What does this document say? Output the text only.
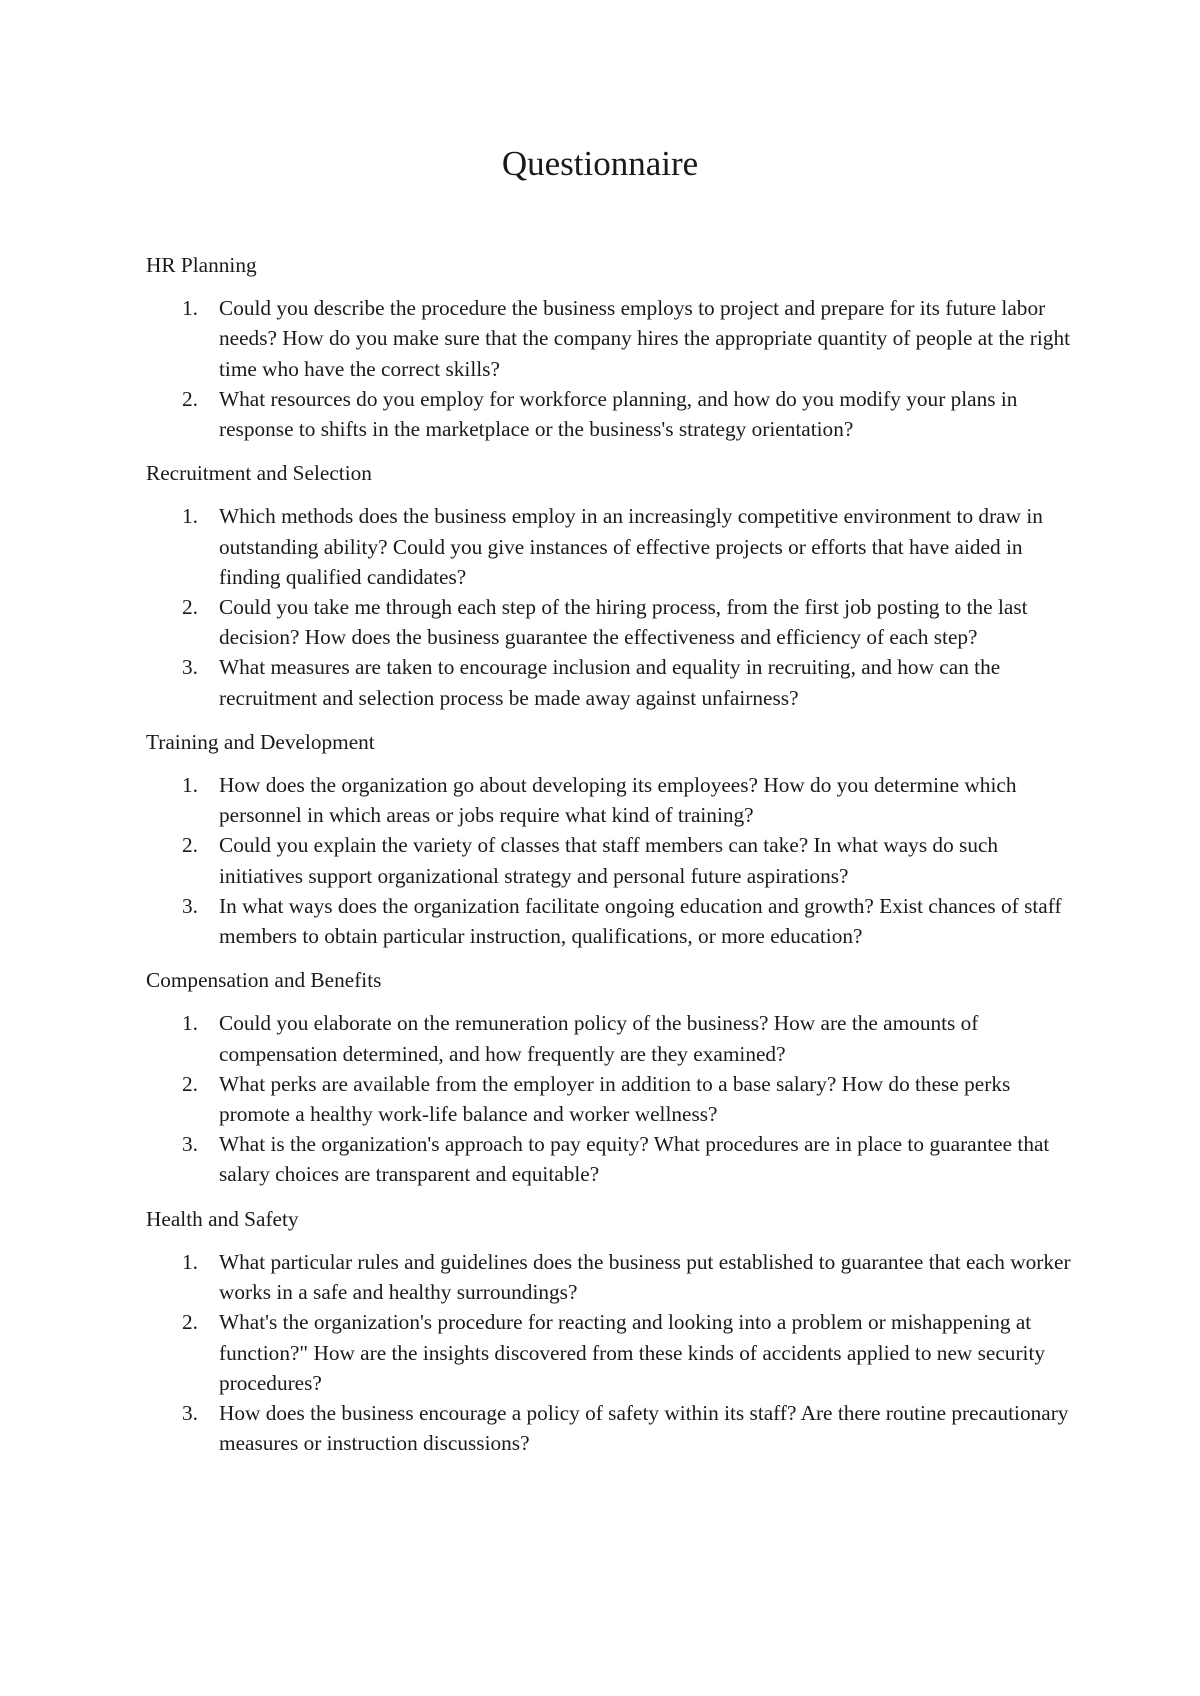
Questionnaire
HR Planning
1. Could you describe the procedure the business employs to project and prepare for its future labor needs? How do you make sure that the company hires the appropriate quantity of people at the right time who have the correct skills?
2. What resources do you employ for workforce planning, and how do you modify your plans in response to shifts in the marketplace or the business's strategy orientation?
Recruitment and Selection
1. Which methods does the business employ in an increasingly competitive environment to draw in outstanding ability? Could you give instances of effective projects or efforts that have aided in finding qualified candidates?
2. Could you take me through each step of the hiring process, from the first job posting to the last decision? How does the business guarantee the effectiveness and efficiency of each step?
3. What measures are taken to encourage inclusion and equality in recruiting, and how can the recruitment and selection process be made away against unfairness?
Training and Development
1. How does the organization go about developing its employees? How do you determine which personnel in which areas or jobs require what kind of training?
2. Could you explain the variety of classes that staff members can take? In what ways do such initiatives support organizational strategy and personal future aspirations?
3. In what ways does the organization facilitate ongoing education and growth? Exist chances of staff members to obtain particular instruction, qualifications, or more education?
Compensation and Benefits
1. Could you elaborate on the remuneration policy of the business? How are the amounts of compensation determined, and how frequently are they examined?
2. What perks are available from the employer in addition to a base salary? How do these perks promote a healthy work-life balance and worker wellness?
3. What is the organization's approach to pay equity? What procedures are in place to guarantee that salary choices are transparent and equitable?
Health and Safety
1. What particular rules and guidelines does the business put established to guarantee that each worker works in a safe and healthy surroundings?
2. What's the organization's procedure for reacting and looking into a problem or mishappening at function?" How are the insights discovered from these kinds of accidents applied to new security procedures?
3. How does the business encourage a policy of safety within its staff? Are there routine precautionary measures or instruction discussions?
